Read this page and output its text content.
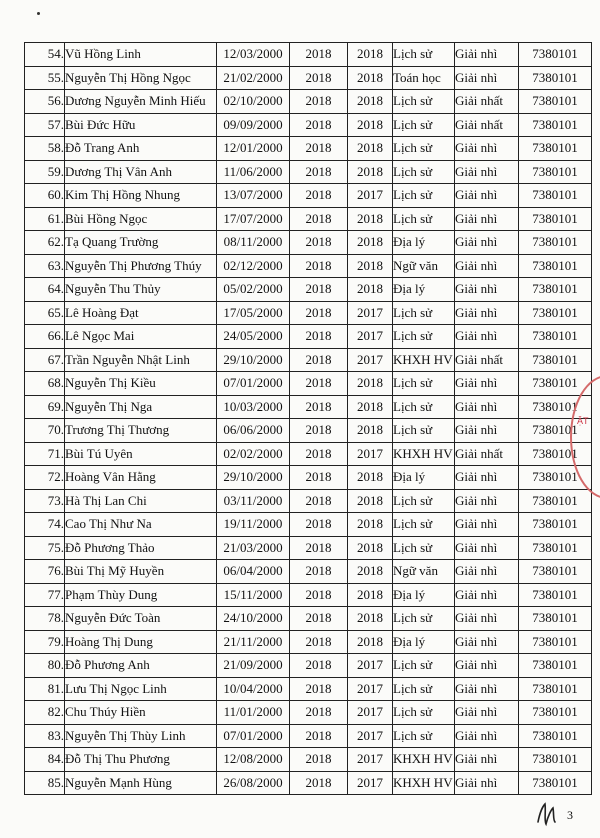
54.	Vũ Hồng Linh	12/03/2000	2018	2018	Lịch sử	Giải nhì	7380101
55.	Nguyễn Thị Hồng Ngọc	21/02/2000	2018	2018	Toán học	Giải nhì	7380101
56.	Dương Nguyễn Minh Hiếu	02/10/2000	2018	2018	Lịch sử	Giải nhất	7380101
57.	Bùi Đức Hữu	09/09/2000	2018	2018	Lịch sử	Giải nhất	7380101
58.	Đỗ Trang Anh	12/01/2000	2018	2018	Lịch sử	Giải nhì	7380101
59.	Dương Thị Vân Anh	11/06/2000	2018	2018	Lịch sử	Giải nhì	7380101
60.	Kim Thị Hồng Nhung	13/07/2000	2018	2017	Lịch sử	Giải nhì	7380101
61.	Bùi Hồng Ngọc	17/07/2000	2018	2018	Lịch sử	Giải nhì	7380101
62.	Tạ Quang Trường	08/11/2000	2018	2018	Địa lý	Giải nhì	7380101
63.	Nguyễn Thị Phương Thúy	02/12/2000	2018	2018	Ngữ văn	Giải nhì	7380101
64.	Nguyễn Thu Thủy	05/02/2000	2018	2018	Địa lý	Giải nhì	7380101
65.	Lê Hoàng Đạt	17/05/2000	2018	2017	Lịch sử	Giải nhì	7380101
66.	Lê Ngọc Mai	24/05/2000	2018	2017	Lịch sử	Giải nhì	7380101
67.	Trần Nguyễn Nhật Linh	29/10/2000	2018	2017	KHXH HV	Giải nhất	7380101
68.	Nguyễn Thị Kiều	07/01/2000	2018	2018	Lịch sử	Giải nhì	7380101
69.	Nguyễn Thị Nga	10/03/2000	2018	2018	Lịch sử	Giải nhì	7380101
70.	Trương Thị Thương	06/06/2000	2018	2018	Lịch sử	Giải nhì	7380101
71.	Bùi Tú Uyên	02/02/2000	2018	2017	KHXH HV	Giải nhất	7380101
72.	Hoàng Vân Hằng	29/10/2000	2018	2018	Địa lý	Giải nhì	7380101
73.	Hà Thị Lan Chi	03/11/2000	2018	2018	Lịch sử	Giải nhì	7380101
74.	Cao Thị Như Na	19/11/2000	2018	2018	Lịch sử	Giải nhì	7380101
75.	Đỗ Phương Thảo	21/03/2000	2018	2018	Lịch sử	Giải nhì	7380101
76.	Bùi Thị Mỹ Huyền	06/04/2000	2018	2018	Ngữ văn	Giải nhì	7380101
77.	Phạm Thùy Dung	15/11/2000	2018	2018	Địa lý	Giải nhì	7380101
78.	Nguyễn Đức Toàn	24/10/2000	2018	2018	Lịch sử	Giải nhì	7380101
79.	Hoàng Thị Dung	21/11/2000	2018	2018	Địa lý	Giải nhì	7380101
80.	Đỗ Phương Anh	21/09/2000	2018	2017	Lịch sử	Giải nhì	7380101
81.	Lưu Thị Ngọc Linh	10/04/2000	2018	2017	Lịch sử	Giải nhì	7380101
82.	Chu Thúy Hiền	11/01/2000	2018	2017	Lịch sử	Giải nhì	7380101
83.	Nguyễn Thị Thùy Linh	07/01/2000	2018	2017	Lịch sử	Giải nhì	7380101
84.	Đỗ Thị Thu Phương	12/08/2000	2018	2017	KHXH HV	Giải nhì	7380101
85.	Nguyễn Mạnh Hùng	26/08/2000	2018	2017	KHXH HV	Giải nhì	7380101
ẬT
3
